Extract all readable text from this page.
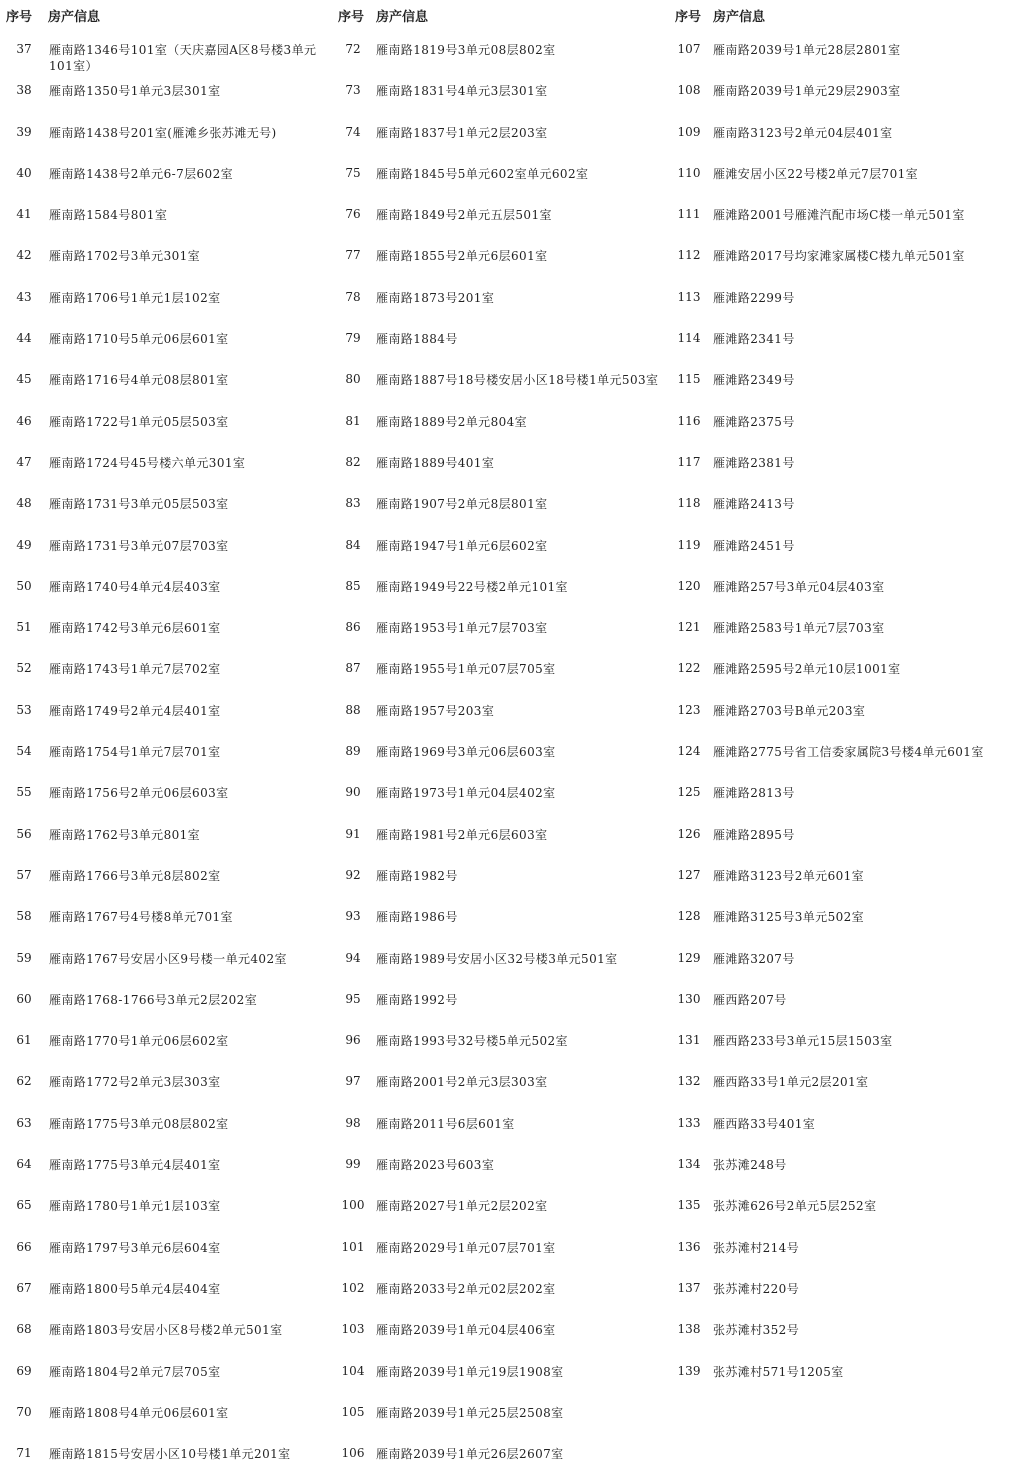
序号 房产信息
37	雁南路1346号101室（天庆嘉园A区8号楼3单元101室）
38	雁南路1350号1单元3层301室
39	雁南路1438号201室(雁滩乡张苏滩无号)
40	雁南路1438号2单元6-7层602室
41	雁南路1584号801室
42	雁南路1702号3单元301室
43	雁南路1706号1单元1层102室
44	雁南路1710号5单元06层601室
45	雁南路1716号4单元08层801室
46	雁南路1722号1单元05层503室
47	雁南路1724号45号楼六单元301室
48	雁南路1731号3单元05层503室
49	雁南路1731号3单元07层703室
50	雁南路1740号4单元4层403室
51	雁南路1742号3单元6层601室
52	雁南路1743号1单元7层702室
53	雁南路1749号2单元4层401室
54	雁南路1754号1单元7层701室
55	雁南路1756号2单元06层603室
56	雁南路1762号3单元801室
57	雁南路1766号3单元8层802室
58	雁南路1767号4号楼8单元701室
59	雁南路1767号安居小区9号楼一单元402室
60	雁南路1768-1766号3单元2层202室
61	雁南路1770号1单元06层602室
62	雁南路1772号2单元3层303室
63	雁南路1775号3单元08层802室
64	雁南路1775号3单元4层401室
65	雁南路1780号1单元1层103室
66	雁南路1797号3单元6层604室
67	雁南路1800号5单元4层404室
68	雁南路1803号安居小区8号楼2单元501室
69	雁南路1804号2单元7层705室
70	雁南路1808号4单元06层601室
71	雁南路1815号安居小区10号楼1单元201室
序号 房产信息
72	雁南路1819号3单元08层802室
73	雁南路1831号4单元3层301室
74	雁南路1837号1单元2层203室
75	雁南路1845号5单元602室单元602室
76	雁南路1849号2单元五层501室
77	雁南路1855号2单元6层601室
78	雁南路1873号201室
79	雁南路1884号
80	雁南路1887号18号楼安居小区18号楼1单元503室
81	雁南路1889号2单元804室
82	雁南路1889号401室
83	雁南路1907号2单元8层801室
84	雁南路1947号1单元6层602室
85	雁南路1949号22号楼2单元101室
86	雁南路1953号1单元7层703室
87	雁南路1955号1单元07层705室
88	雁南路1957号203室
89	雁南路1969号3单元06层603室
90	雁南路1973号1单元04层402室
91	雁南路1981号2单元6层603室
92	雁南路1982号
93	雁南路1986号
94	雁南路1989号安居小区32号楼3单元501室
95	雁南路1992号
96	雁南路1993号32号楼5单元502室
97	雁南路2001号2单元3层303室
98	雁南路2011号6层601室
99	雁南路2023号603室
100 雁南路2027号1单元2层202室
101 雁南路2029号1单元07层701室
102 雁南路2033号2单元02层202室
103 雁南路2039号1单元04层406室
104 雁南路2039号1单元19层1908室
105 雁南路2039号1单元25层2508室
106 雁南路2039号1单元26层2607室
序号 房产信息
107	雁南路2039号1单元28层2801室
108	雁南路2039号1单元29层2903室
109	雁南路3123号2单元04层401室
110	雁滩安居小区22号楼2单元7层701室
111	雁滩路2001号雁滩汽配市场C楼一单元501室
112	雁滩路2017号均家滩家属楼C楼九单元501室
113	雁滩路2299号
114	雁滩路2341号
115	雁滩路2349号
116	雁滩路2375号
117	雁滩路2381号
118	雁滩路2413号
119	雁滩路2451号
120	雁滩路257号3单元04层403室
121	雁滩路2583号1单元7层703室
122	雁滩路2595号2单元10层1001室
123	雁滩路2703号B单元203室
124	雁滩路2775号省工信委家属院3号楼4单元601室
125	雁滩路2813号
126	雁滩路2895号
127	雁滩路3123号2单元601室
128	雁滩路3125号3单元502室
129	雁滩路3207号
130	雁西路207号
131	雁西路233号3单元15层1503室
132	雁西路33号1单元2层201室
133	雁西路33号401室
134	张苏滩248号
135	张苏滩626号2单元5层252室
136	张苏滩村214号
137	张苏滩村220号
138	张苏滩村352号
139	张苏滩村571号1205室
